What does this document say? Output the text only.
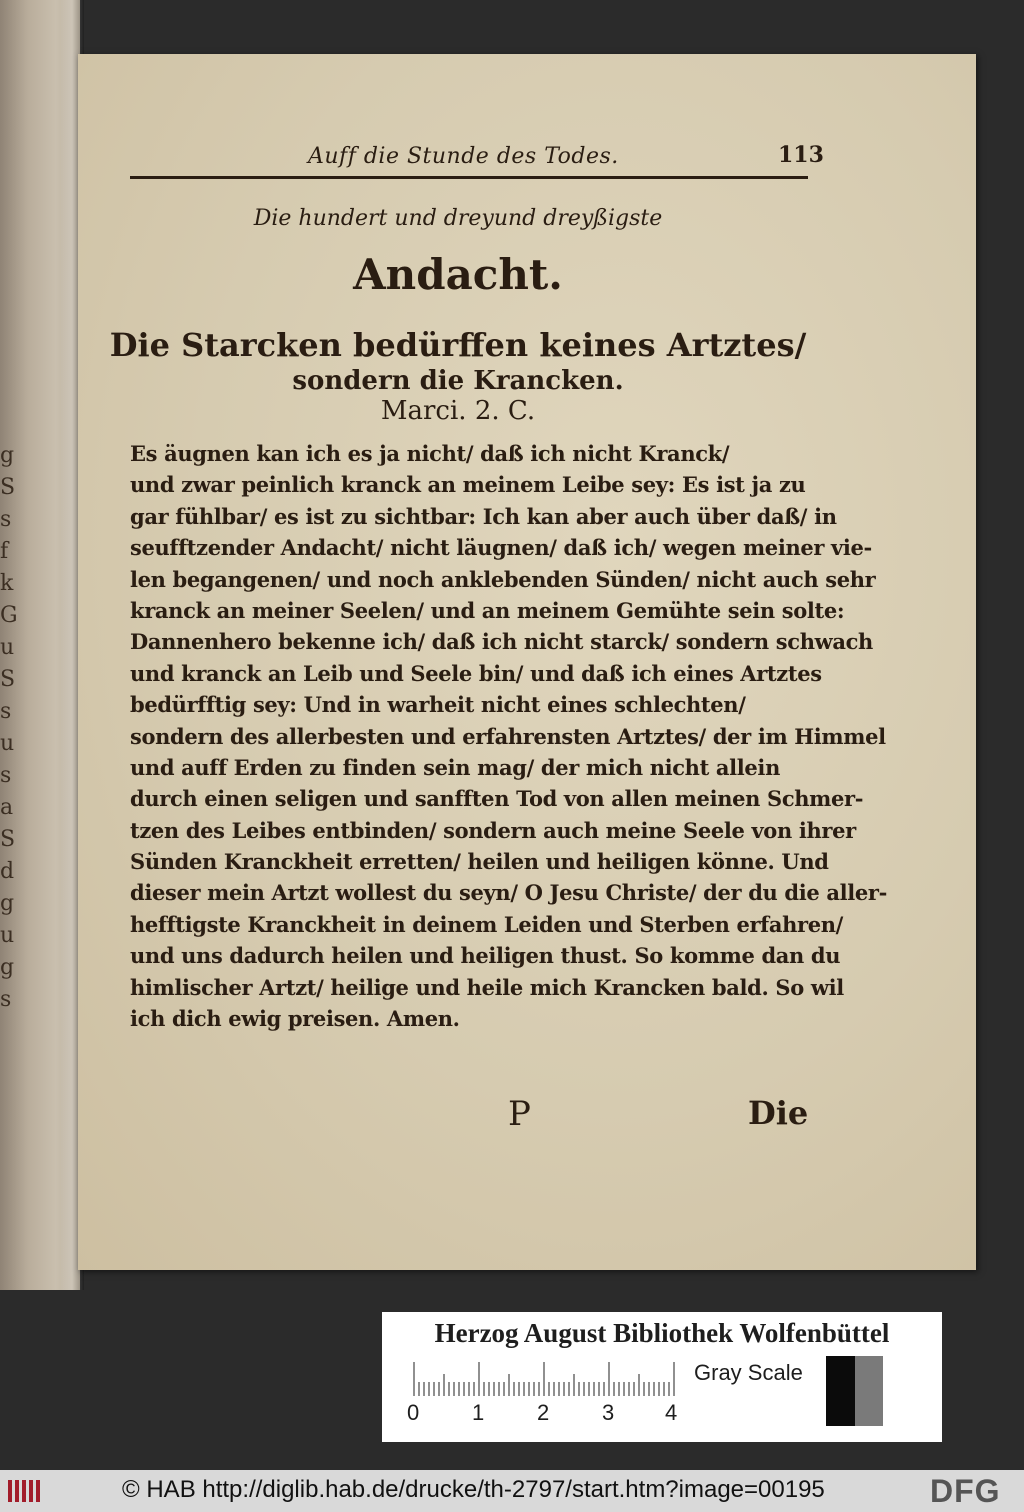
g
S
s
f
k
G
u
S
s
u
s
a
S
d
g
u
g
s
Auff die Stunde des Todes.	113
Die hundert und dreyund dreyßigste
Andacht.
Die Starcken bedürffen keines Artztes/
sondern die Krancken.
Marci. 2. C.
Es äugnen kan ich es ja nicht/ daß ich nicht Kranck/
und zwar peinlich kranck an meinem Leibe sey: Es ist ja zu
gar fühlbar/ es ist zu sichtbar: Ich kan aber auch über daß/ in
seufftzender Andacht/ nicht läugnen/ daß ich/ wegen meiner vie-
len begangenen/ und noch anklebenden Sünden/ nicht auch sehr
kranck an meiner Seelen/ und an meinem Gemühte sein solte:
Dannenhero bekenne ich/ daß ich nicht starck/ sondern schwach
und kranck an Leib und Seele bin/ und daß ich eines Artztes
bedürfftig sey: Und in warheit nicht eines schlechten/
sondern des allerbesten und erfahrensten Artztes/ der im Himmel
und auff Erden zu finden sein mag/ der mich nicht allein
durch einen seligen und sanfften Tod von allen meinen Schmer-
tzen des Leibes entbinden/ sondern auch meine Seele von ihrer
Sünden Kranckheit erretten/ heilen und heiligen könne. Und
dieser mein Artzt wollest du seyn/ O Jesu Christe/ der du die aller-
hefftigste Kranckheit in deinem Leiden und Sterben erfahren/
und uns dadurch heilen und heiligen thust. So komme dan du
himlischer Artzt/ heilige und heile mich Krancken bald. So wil
ich dich ewig preisen. Amen.
P	Die
Herzog August Bibliothek Wolfenbüttel
Gray Scale
0 1 2 3 4
© HAB http://diglib.hab.de/drucke/th-2797/start.htm?image=00195	DFG
